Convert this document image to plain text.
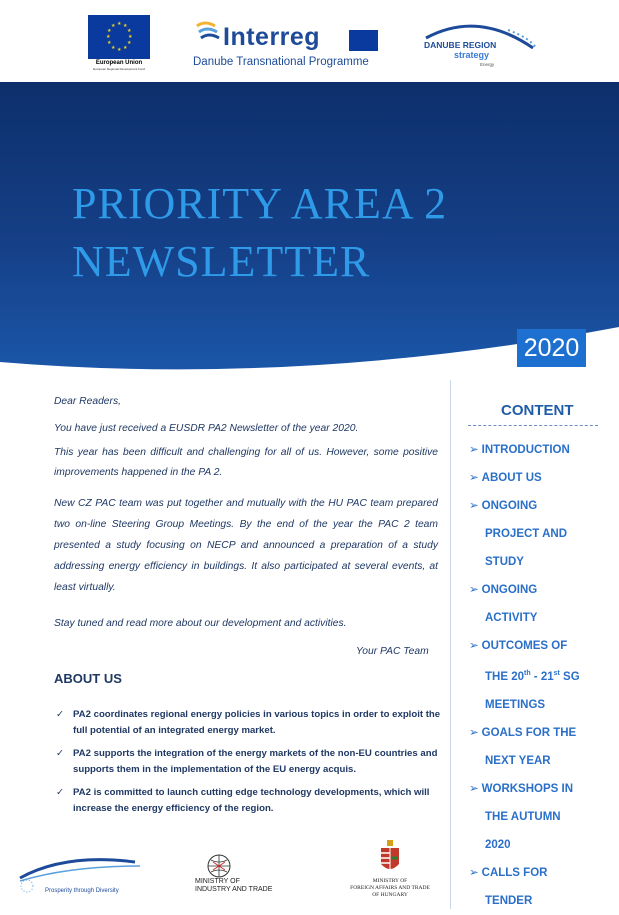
★ ★
★
★
★
★
★
★
★
★
★
★
European Union
European Regional Development Fund
Interreg
Danube Transnational Programme
DANUBE REGION
strategy
Energy
PRIORITY AREA 2
NEWSLETTER
2020

Dear Readers,

You have just received a EUSDR PA2 Newsletter of the year 2020.

This year has been difficult and challenging for all of us. However, some positive improvements happened in the PA 2.

New CZ PAC team was put together and mutually with the HU PAC team prepared two on-line Steering Group Meetings. By the end of the year the PAC 2 team presented a study focusing on NECP and announced a preparation of a study addressing energy efficiency in buildings. It also participated at several events, at least virtually.

Stay tuned and read more about our development and activities.

Your PAC Team

ABOUT US
✓ PA2 coordinates regional energy policies in various topics in order to exploit the full potential of an integrated energy market.
✓ PA2 supports the integration of the energy markets of the non-EU countries and supports them in the implementation of the EU energy acquis.
✓ PA2 is committed to launch cutting edge technology developments, which will increase the energy efficiency of the region.
Prosperity through Diversity
MINISTRY OF
INDUSTRY AND TRADE
MINISTRY OF
FOREIGN AFFAIRS AND TRADE
OF HUNGARY
CONTENT
➢ INTRODUCTION
➢ ABOUT US
➢ ONGOING
PROJECT AND
STUDY
➢ ONGOING
ACTIVITY
➢ OUTCOMES OF
THE 20th - 21st SG
MEETINGS
➢ GOALS FOR THE
NEXT YEAR
➢ WORKSHOPS IN
THE AUTUMN
2020
➢ CALLS FOR
TENDER
